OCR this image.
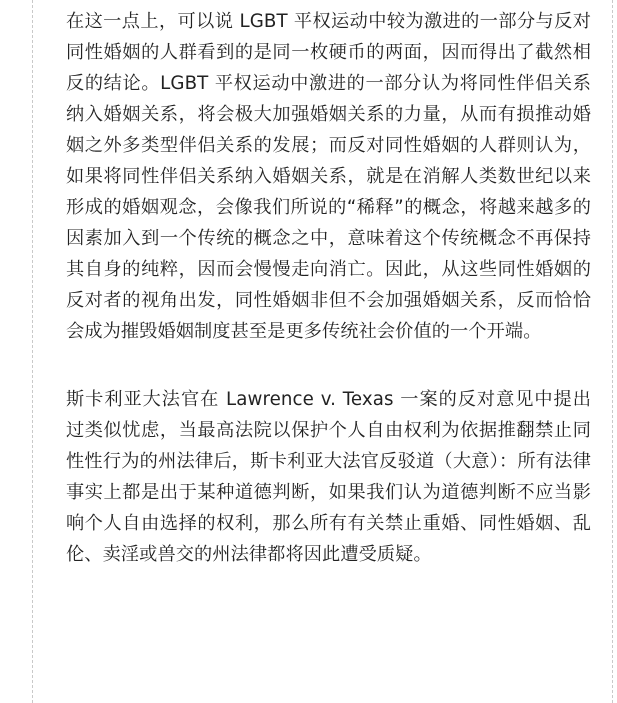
在这一点上，可以说 LGBT 平权运动中较为激进的一部分与反对同性婚姻的人群看到的是同一枚硬币的两面，因而得出了截然相反的结论。LGBT 平权运动中激进的一部分认为将同性伴侣关系纳入婚姻关系，将会极大加强婚姻关系的力量，从而有损推动婚姻之外多类型伴侣关系的发展；而反对同性婚姻的人群则认为，如果将同性伴侣关系纳入婚姻关系，就是在消解人类数世纪以来形成的婚姻观念，会像我们所说的“稀释”的概念，将越来越多的因素加入到一个传统的概念之中，意味着这个传统概念不再保持其自身的纯粹，因而会慢慢走向消亡。因此，从这些同性婚姻的反对者的视角出发，同性婚姻非但不会加强婚姻关系，反而恰恰会成为摧毁婚姻制度甚至是更多传统社会价值的一个开端。

斯卡利亚大法官在 Lawrence v. Texas 一案的反对意见中提出过类似忧虑，当最高法院以保护个人自由权利为依据推翻禁止同性性行为的州法律后，斯卡利亚大法官反驳道（大意）：所有法律事实上都是出于某种道德判断，如果我们认为道德判断不应当影响个人自由选择的权利，那么所有有关禁止重婚、同性婚姻、乱伦、卖淫或兽交的州法律都将因此遭受质疑。
